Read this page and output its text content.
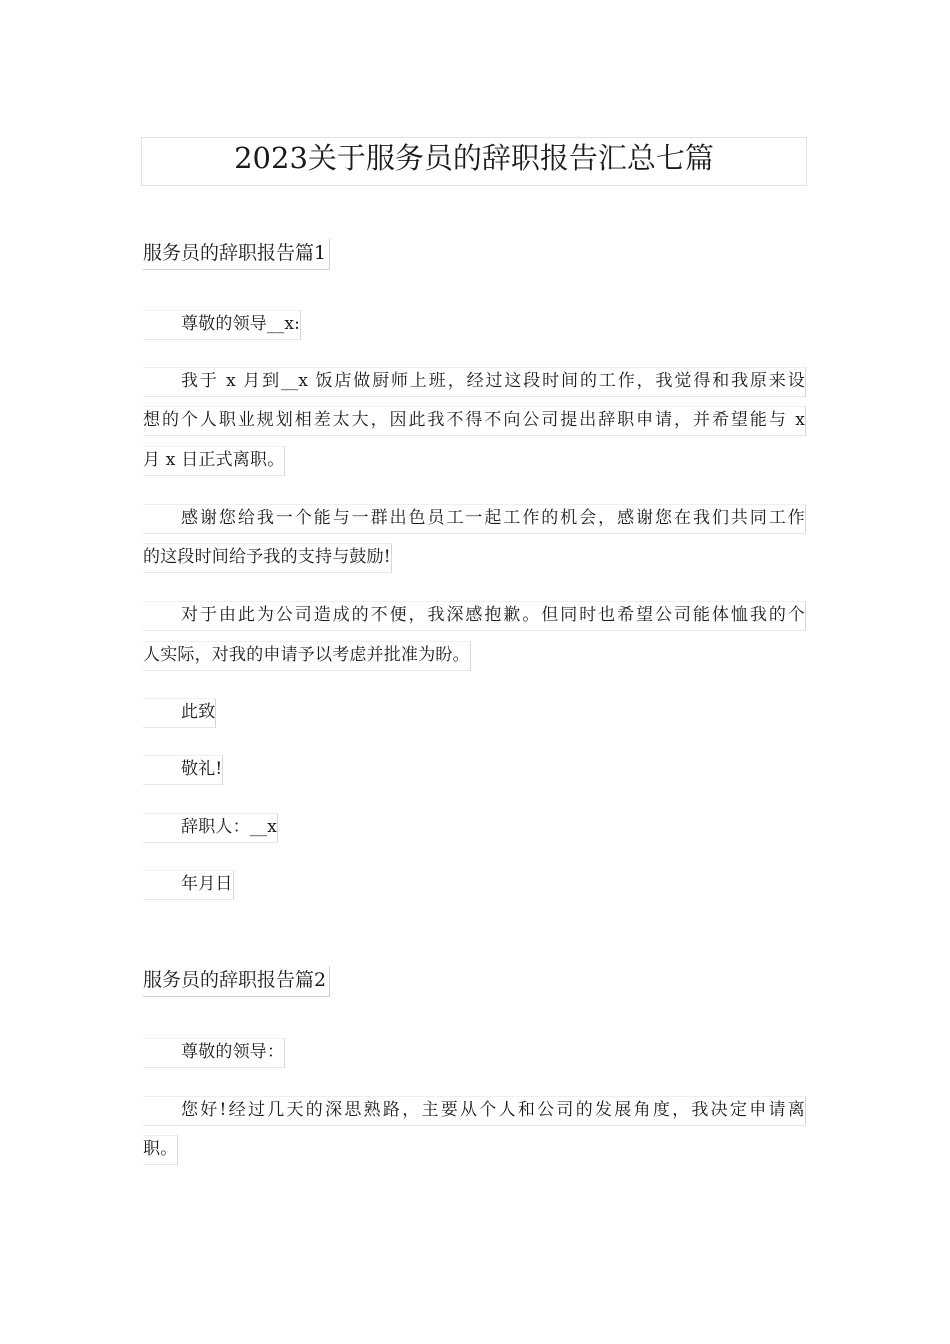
2023关于服务员的辞职报告汇总七篇
服务员的辞职报告篇1
尊敬的领导__x:
我于 x 月到__x 饭店做厨师上班，经过这段时间的工作，我觉得和我原来设
想的个人职业规划相差太大，因此我不得不向公司提出辞职申请，并希望能与 x
月 x 日正式离职。
感谢您给我一个能与一群出色员工一起工作的机会，感谢您在我们共同工作
的这段时间给予我的支持与鼓励!
对于由此为公司造成的不便，我深感抱歉。但同时也希望公司能体恤我的个
人实际，对我的申请予以考虑并批准为盼。
此致
敬礼!
辞职人：__x
年月日
服务员的辞职报告篇2
尊敬的领导：
您好!经过几天的深思熟路，主要从个人和公司的发展角度，我决定申请离
职。
